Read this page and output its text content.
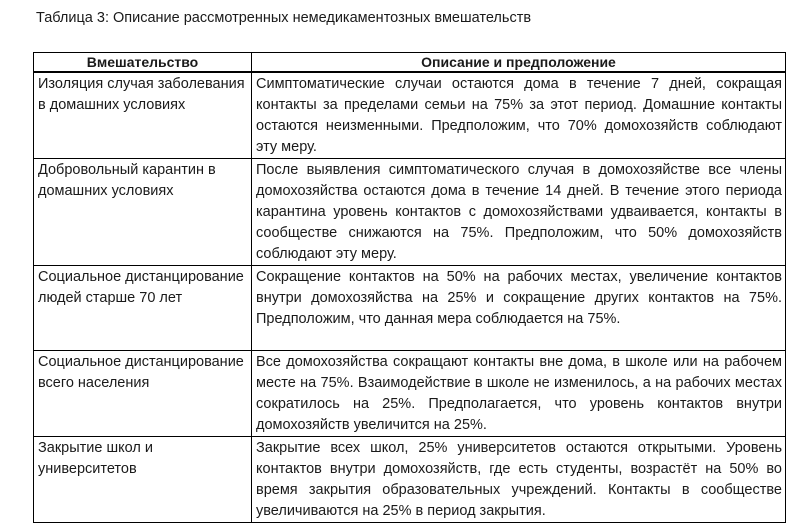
Таблица 3: Описание рассмотренных немедикаментозных вмешательств
Вмешательство	Описание и предположение
Изоляция случая заболевания в домашних условиях	Симптоматические случаи остаются дома в течение 7 дней, сокращая контакты за пределами семьи на 75% за этот период. Домашние контакты остаются неизменными. Предположим, что 70% домохозяйств соблюдают эту меру.
Добровольный карантин в домашних условиях	После выявления симптоматического случая в домохозяйстве все члены домохозяйства остаются дома в течение 14 дней. В течение этого периода карантина уровень контактов с домохозяйствами удваивается, контакты в сообществе снижаются на 75%. Предположим, что 50% домохозяйств соблюдают эту меру.
Социальное дистанцирование людей старше 70 лет	Сокращение контактов на 50% на рабочих местах, увеличение контактов внутри домохозяйства на 25% и сокращение других контактов на 75%. Предположим, что данная мера соблюдается на 75%.
Социальное дистанцирование всего населения	Все домохозяйства сокращают контакты вне дома, в школе или на рабочем месте на 75%. Взаимодействие в школе не изменилось, а на рабочих местах сократилось на 25%. Предполагается, что уровень контактов внутри домохозяйств увеличится на 25%.
Закрытие школ и университетов	Закрытие всех школ, 25% университетов остаются открытыми. Уровень контактов внутри домохозяйств, где есть студенты, возрастёт на 50% во время закрытия образовательных учреждений. Контакты в сообществе увеличиваются на 25% в период закрытия.
